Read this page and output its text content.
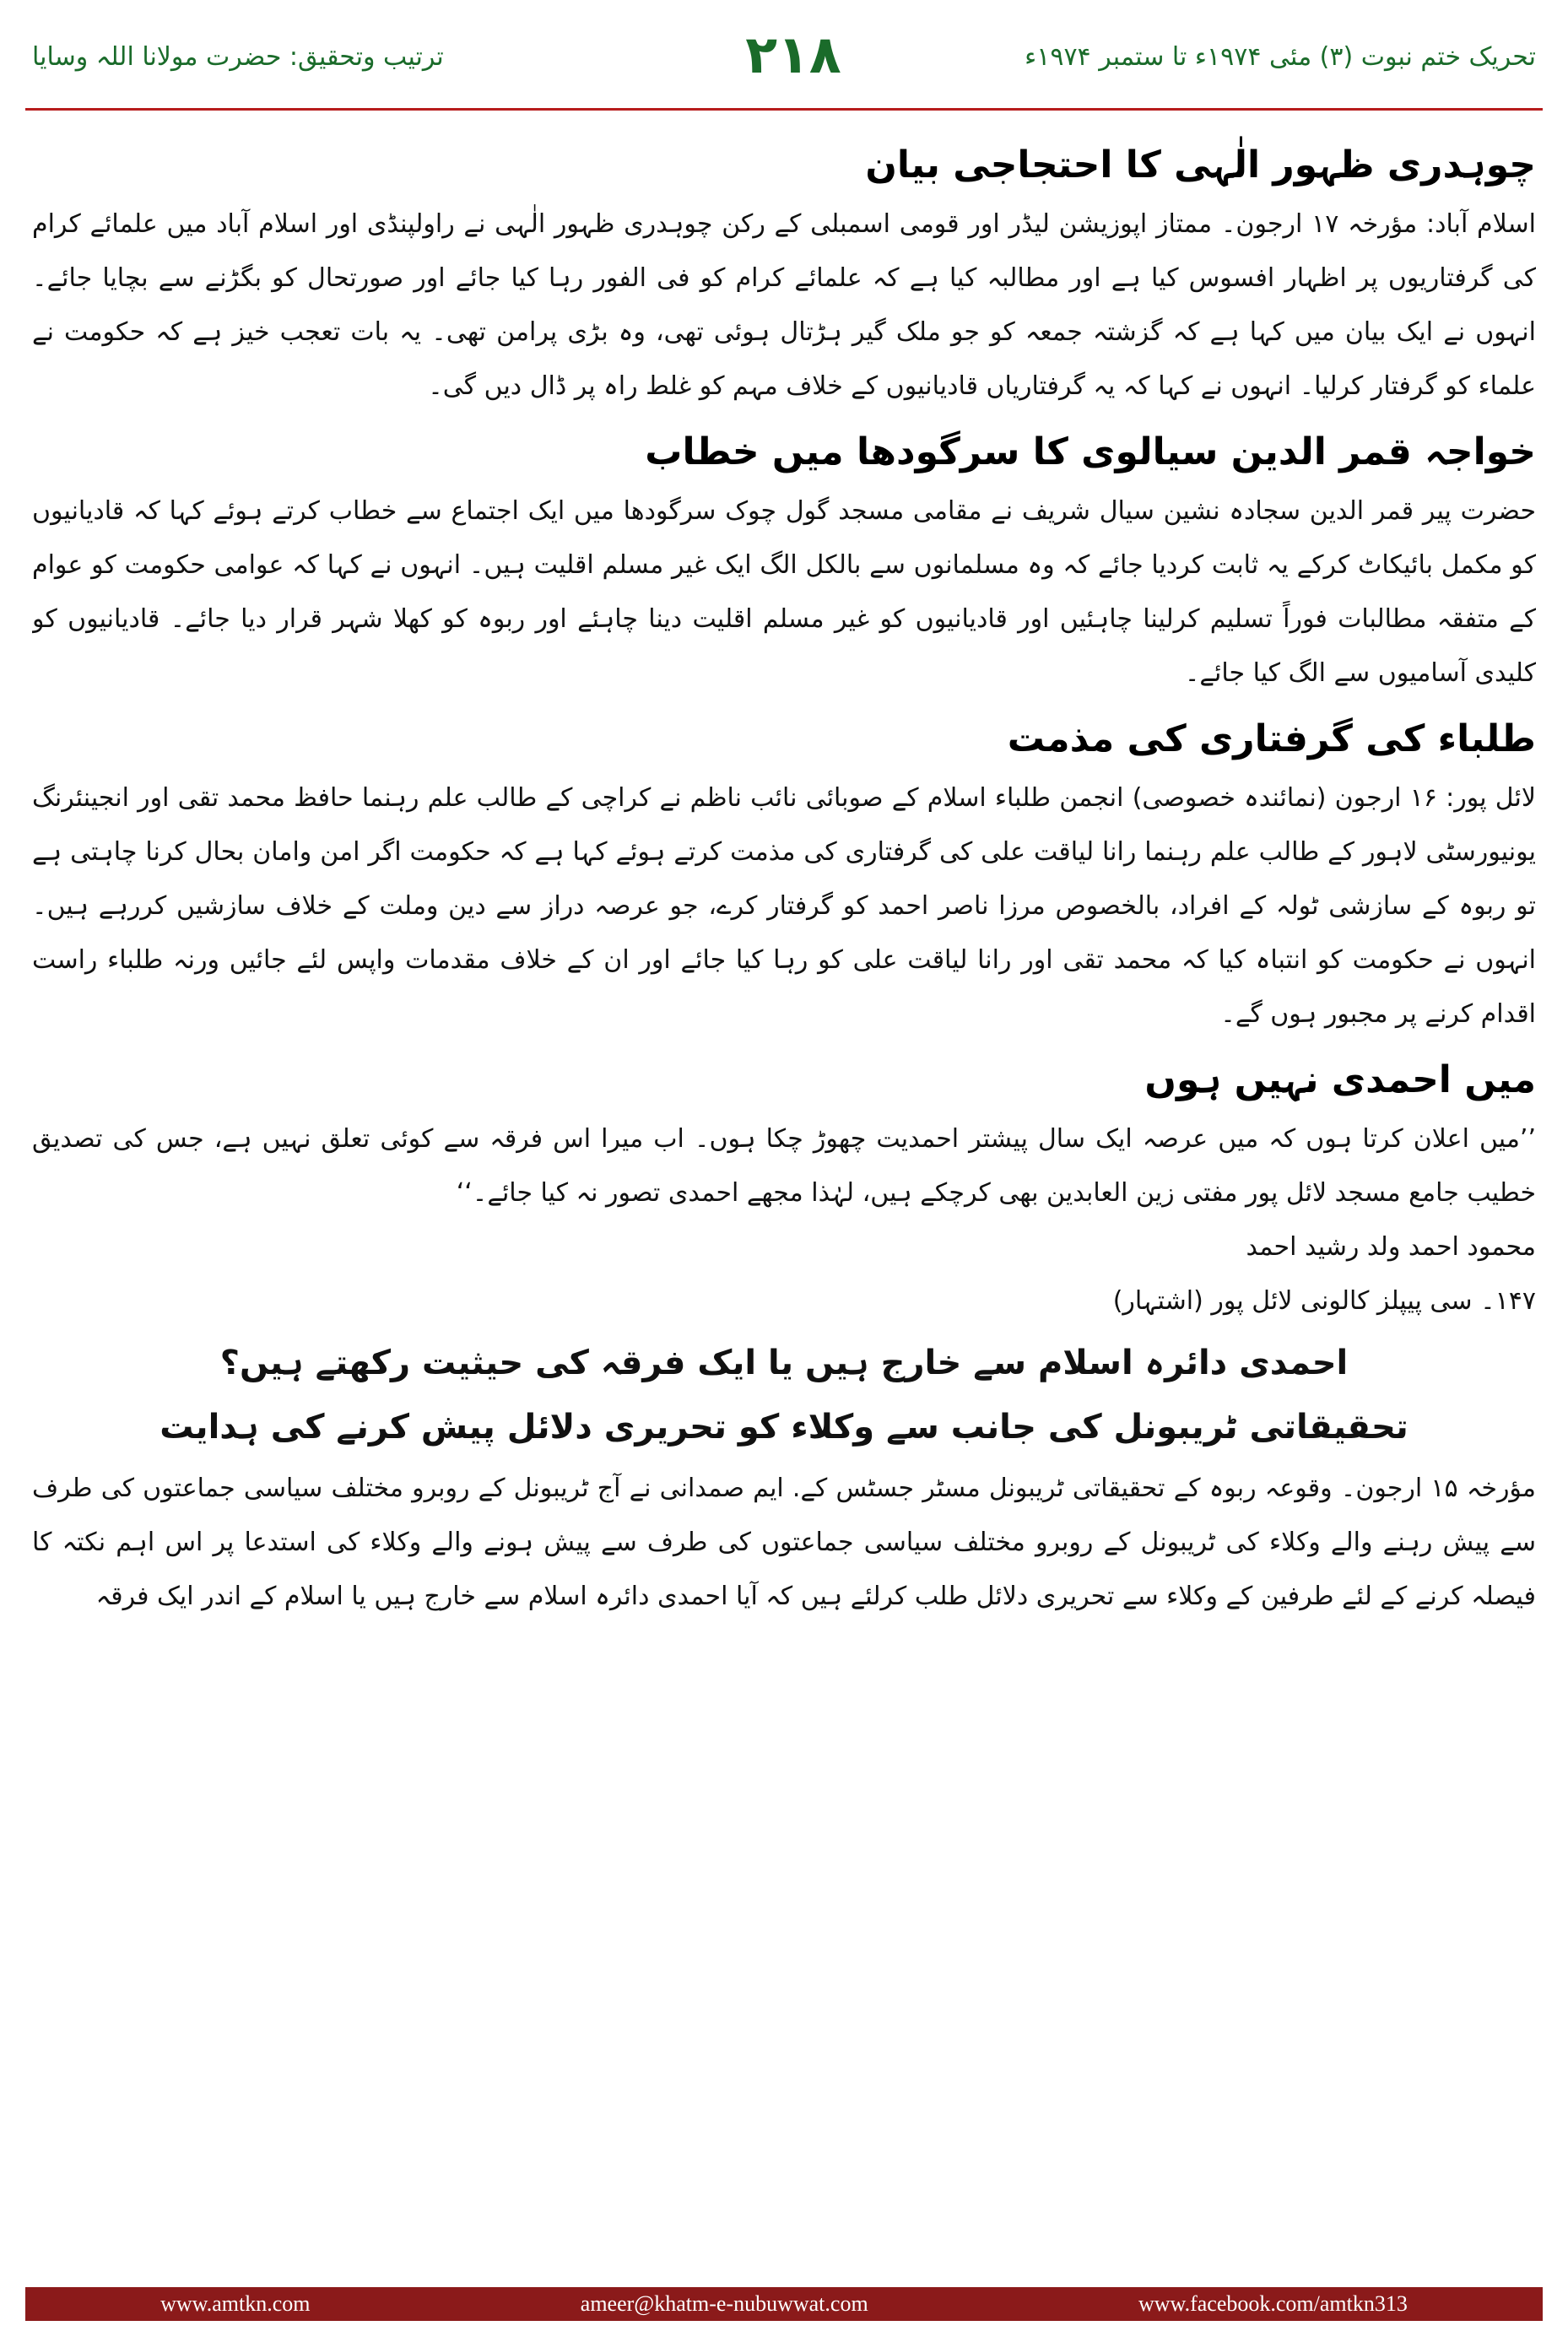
ترتیب وتحقیق: حضرت مولانا اللہ وسایا	۲۱۸	تحریک ختم نبوت (۳) مئی ۱۹۷۴ء تا ستمبر ۱۹۷۴ء
چوہدری ظہور الٰہی کا احتجاجی بیان

اسلام آباد: مؤرخہ ۱۷ ارجون۔ ممتاز اپوزیشن لیڈر اور قومی اسمبلی کے رکن چوہدری ظہور الٰہی نے راولپنڈی اور اسلام آباد میں علمائے کرام کی گرفتاریوں پر اظہار افسوس کیا ہے اور مطالبہ کیا ہے کہ علمائے کرام کو فی الفور رہا کیا جائے اور صورتحال کو بگڑنے سے بچایا جائے۔ انہوں نے ایک بیان میں کہا ہے کہ گزشتہ جمعہ کو جو ملک گیر ہڑتال ہوئی تھی، وہ بڑی پرامن تھی۔ یہ بات تعجب خیز ہے کہ حکومت نے علماء کو گرفتار کرلیا۔ انہوں نے کہا کہ یہ گرفتاریاں قادیانیوں کے خلاف مہم کو غلط راہ پر ڈال دیں گی۔

خواجہ قمر الدین سیالوی کا سرگودھا میں خطاب

حضرت پیر قمر الدین سجادہ نشین سیال شریف نے مقامی مسجد گول چوک سرگودھا میں ایک اجتماع سے خطاب کرتے ہوئے کہا کہ قادیانیوں کو مکمل بائیکاٹ کرکے یہ ثابت کردیا جائے کہ وہ مسلمانوں سے بالکل الگ ایک غیر مسلم اقلیت ہیں۔ انہوں نے کہا کہ عوامی حکومت کو عوام کے متفقہ مطالبات فوراً تسلیم کرلینا چاہئیں اور قادیانیوں کو غیر مسلم اقلیت دینا چاہئے اور ربوہ کو کھلا شہر قرار دیا جائے۔ قادیانیوں کو کلیدی آسامیوں سے الگ کیا جائے۔

طلباء کی گرفتاری کی مذمت

لائل پور: ۱۶ ارجون (نمائندہ خصوصی) انجمن طلباء اسلام کے صوبائی نائب ناظم نے کراچی کے طالب علم رہنما حافظ محمد تقی اور انجینئرنگ یونیورسٹی لاہور کے طالب علم رہنما رانا لیاقت علی کی گرفتاری کی مذمت کرتے ہوئے کہا ہے کہ حکومت اگر امن وامان بحال کرنا چاہتی ہے تو ربوہ کے سازشی ٹولہ کے افراد، بالخصوص مرزا ناصر احمد کو گرفتار کرے، جو عرصہ دراز سے دین وملت کے خلاف سازشیں کررہے ہیں۔ انہوں نے حکومت کو انتباہ کیا کہ محمد تقی اور رانا لیاقت علی کو رہا کیا جائے اور ان کے خلاف مقدمات واپس لئے جائیں ورنہ طلباء راست اقدام کرنے پر مجبور ہوں گے۔

میں احمدی نہیں ہوں

’’میں اعلان کرتا ہوں کہ میں عرصہ ایک سال پیشتر احمدیت چھوڑ چکا ہوں۔ اب میرا اس فرقہ سے کوئی تعلق نہیں ہے، جس کی تصدیق خطیب جامع مسجد لائل پور مفتی زین العابدین بھی کرچکے ہیں، لہٰذا مجھے احمدی تصور نہ کیا جائے۔‘‘

محمود احمد ولد رشید احمد
۱۴۷۔ سی پیپلز کالونی لائل پور (اشتہار)
احمدی دائرہ اسلام سے خارج ہیں یا ایک فرقہ کی حیثیت رکھتے ہیں؟
تحقیقاتی ٹریبونل کی جانب سے وکلاء کو تحریری دلائل پیش کرنے کی ہدایت

مؤرخہ ۱۵ ارجون۔ وقوعہ ربوہ کے تحقیقاتی ٹریبونل مسٹر جسٹس کے. ایم صمدانی نے آج ٹریبونل کے روبرو مختلف سیاسی جماعتوں کی طرف سے پیش رہنے والے وکلاء کی ٹریبونل کے روبرو مختلف سیاسی جماعتوں کی طرف سے پیش ہونے والے وکلاء کی استدعا پر اس اہم نکتہ کا فیصلہ کرنے کے لئے طرفین کے وکلاء سے تحریری دلائل طلب کرلئے ہیں کہ آیا احمدی دائرہ اسلام سے خارج ہیں یا اسلام کے اندر ایک فرقہ

www.amtkn.com	ameer@khatm-e-nubuwwat.com	www.facebook.com/amtkn313
